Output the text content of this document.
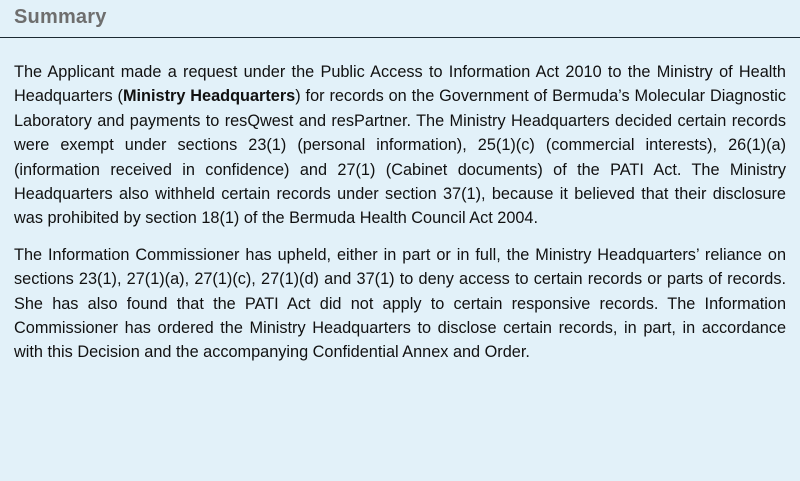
Summary

The Applicant made a request under the Public Access to Information Act 2010 to the Ministry of Health Headquarters (Ministry Headquarters) for records on the Government of Bermuda’s Molecular Diagnostic Laboratory and payments to resQwest and resPartner. The Ministry Headquarters decided certain records were exempt under sections 23(1) (personal information), 25(1)(c) (commercial interests), 26(1)(a) (information received in confidence) and 27(1) (Cabinet documents) of the PATI Act. The Ministry Headquarters also withheld certain records under section 37(1), because it believed that their disclosure was prohibited by section 18(1) of the Bermuda Health Council Act 2004.

The Information Commissioner has upheld, either in part or in full, the Ministry Headquarters’ reliance on sections 23(1), 27(1)(a), 27(1)(c), 27(1)(d) and 37(1) to deny access to certain records or parts of records. She has also found that the PATI Act did not apply to certain responsive records. The Information Commissioner has ordered the Ministry Headquarters to disclose certain records, in part, in accordance with this Decision and the accompanying Confidential Annex and Order.
